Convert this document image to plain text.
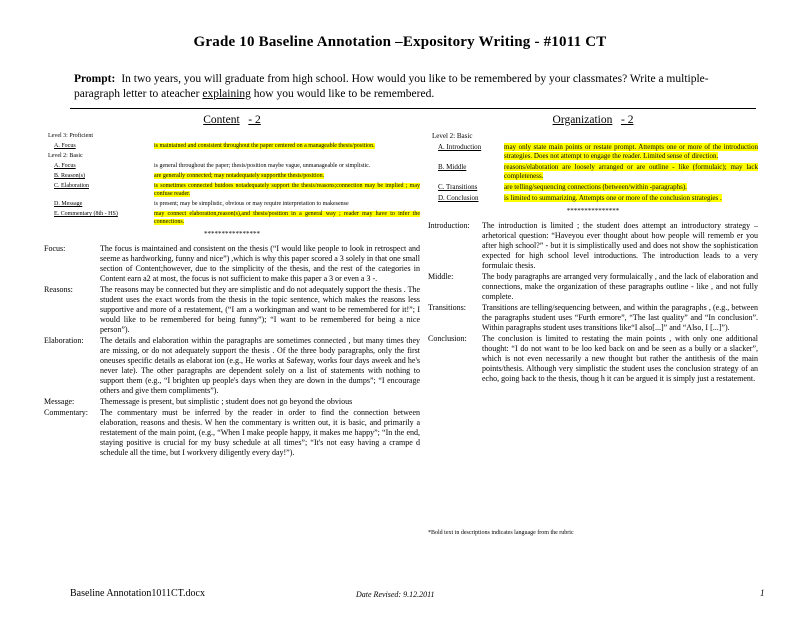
Grade 10 Baseline Annotation –Expository Writing - #1011 CT
Prompt: In two years, you will graduate from high school. How would you like to be remembered by your classmates? Write a multiple-paragraph letter to ateacher explaining how you would like to be remembered.
Content - 2
Level 3: Proficient
A. Focus	is maintained and consistent throughout the paper centered on a manageable thesis/position.
Level 2: Basic
A. Focus	is general throughout the paper; thesis/position maybe vague, unmanageable or simplistic.
B. Reason(s)	are generally connected; may notadequately supportthe thesis/position.
C. Elaboration	is sometimes connected butdoes notadequately support the thesis/reasons;connection may be implied ; may confuse reader.
D. Message	is present; may be simplistic, obvious or may require interpretation to makesense
E. Commentary (8th - HS)	may connect elaboration,reason(s),and thesis/position in a general way ; reader may have to infer the connections.
****************
Focus:	The focus is maintained and consistent on the thesis (“I would like people to look in retrospect and seeme as hardworking, funny and nice”) ,which is why this paper scored a 3 solely in that one small section of Content;however, due to the simplicity of the thesis, and the rest of the categories in Content earn a2 at most, the focus is not sufficient to make this paper a 3 or even a 3 -.
Reasons:	The reasons may be connected but they are simplistic and do not adequately support the thesis . The student uses the exact words from the thesis in the topic sentence, which makes the reasons less supportive and more of a restatement, (“I am a workingman and want to be remembered for it!”; I would like to be remembered for being funny”); “I want to be remembered for being a nice person”).
Elaboration:	The details and elaboration within the paragraphs are sometimes connected , but many times they are missing, or do not adequately support the thesis . Of the three body paragraphs, only the first oneuses specific details as elaborat ion (e.g., He works at Safeway, works four days aweek and he's never late). The other paragraphs are dependent solely on a list of statements with nothing to support them (e.g., “I brighten up people's days when they are down in the dumps”; “I encourage others and give them compliments”).
Message:	Themessage is present, but simplistic ; student does not go beyond the obvious
Commentary:	The commentary must be inferred by the reader in order to find the connection between elaboration, reasons and thesis. W hen the commentary is written out, it is basic, and primarily a restatement of the main point, (e.g., “When I make people happy, it makes me happy”; “In the end, staying positive is crucial for my busy schedule at all times”; “It's not easy having a crampe d schedule all the time, but I workvery diligently every day!”).
Organization - 2
Level 2: Basic
A. Introduction	may only state main points or restate prompt. Attempts one or more of the introduction strategies. Does not attempt to engage the reader. Limited sense of direction.
B. Middle	reasons/elaboration are loosely arranged or are outline - like (formulaic); may lack completeness.
C. Transitions	are telling/sequencing connections (between/within -paragraphs).
D. Conclusion	is limited to summarizing. Attempts one or more of the conclusion strategies .
***************
Introduction:	The introduction is limited ; the student does attempt an introductory strategy – arhetorical question: “Haveyou ever thought about how people will rememb er you after high school?” - but it is simplistically used and does not show the sophistication expected for high school level introductions. The introduction leads to a very formulaic thesis.
Middle:	The body paragraphs are arranged very formulaically , and the lack of elaboration and connections, make the organization of these paragraphs outline - like , and not fully complete.
Transitions:	Transitions are telling/sequencing between, and within the paragraphs , (e.g., between the paragraphs student uses “Furth ermore”, “The last quality” and “In conclusion”. Within paragraphs student uses transitions like“I also[...]” and “Also, I [...]”).
Conclusion:	The conclusion is limited to restating the main points , with only one additional thought: “I do not want to be loo ked back on and be seen as a bully or a slacker”, which is not even necessarily a new thought but rather the antithesis of the main points/thesis. Although very simplistic the student uses the conclusion strategy of an echo, going back to the thesis, thoug h it can be argued it is simply just a restatement.
*Bold text in descriptions indicates language from the rubric
Baseline Annotation1011CT.docx	Date Revised: 9.12.2011	1
